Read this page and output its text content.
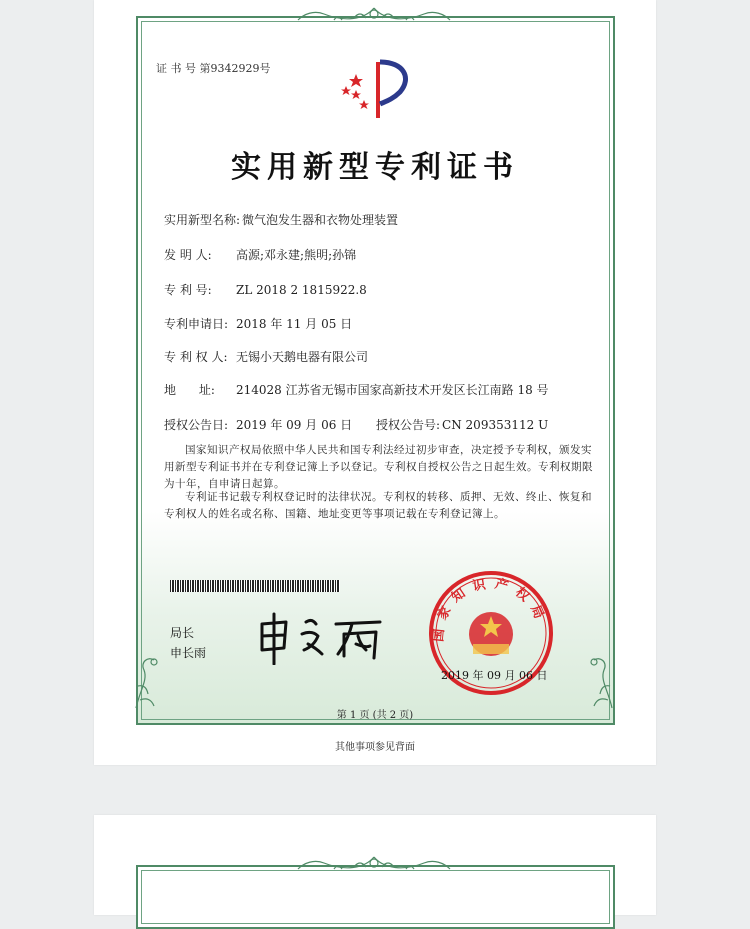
证 书 号 第9342929号
实用新型专利证书
实用新型名称: 微气泡发生器和衣物处理装置
发 明 人: 高源;邓永建;熊明;孙锦
专 利 号: ZL 2018 2 1815922.8
专利申请日: 2018 年 11 月 05 日
专 利 权 人: 无锡小天鹅电器有限公司
地      址: 214028 江苏省无锡市国家高新技术开发区长江南路 18 号
授权公告日: 2019 年 09 月 06 日 授权公告号: CN 209353112 U
国家知识产权局依照中华人民共和国专利法经过初步审查，决定授予专利权，颁发实用新型专利证书并在专利登记簿上予以登记。专利权自授权公告之日起生效。专利权期限为十年，自申请日起算。
专利证书记载专利权登记时的法律状况。专利权的转移、质押、无效、终止、恢复和专利权人的姓名或名称、国籍、地址变更等事项记载在专利登记簿上。
局长
申长雨
国家知识产权局
2019 年 09 月 06 日
第 1 页 (共 2 页)
其他事项参见背面
